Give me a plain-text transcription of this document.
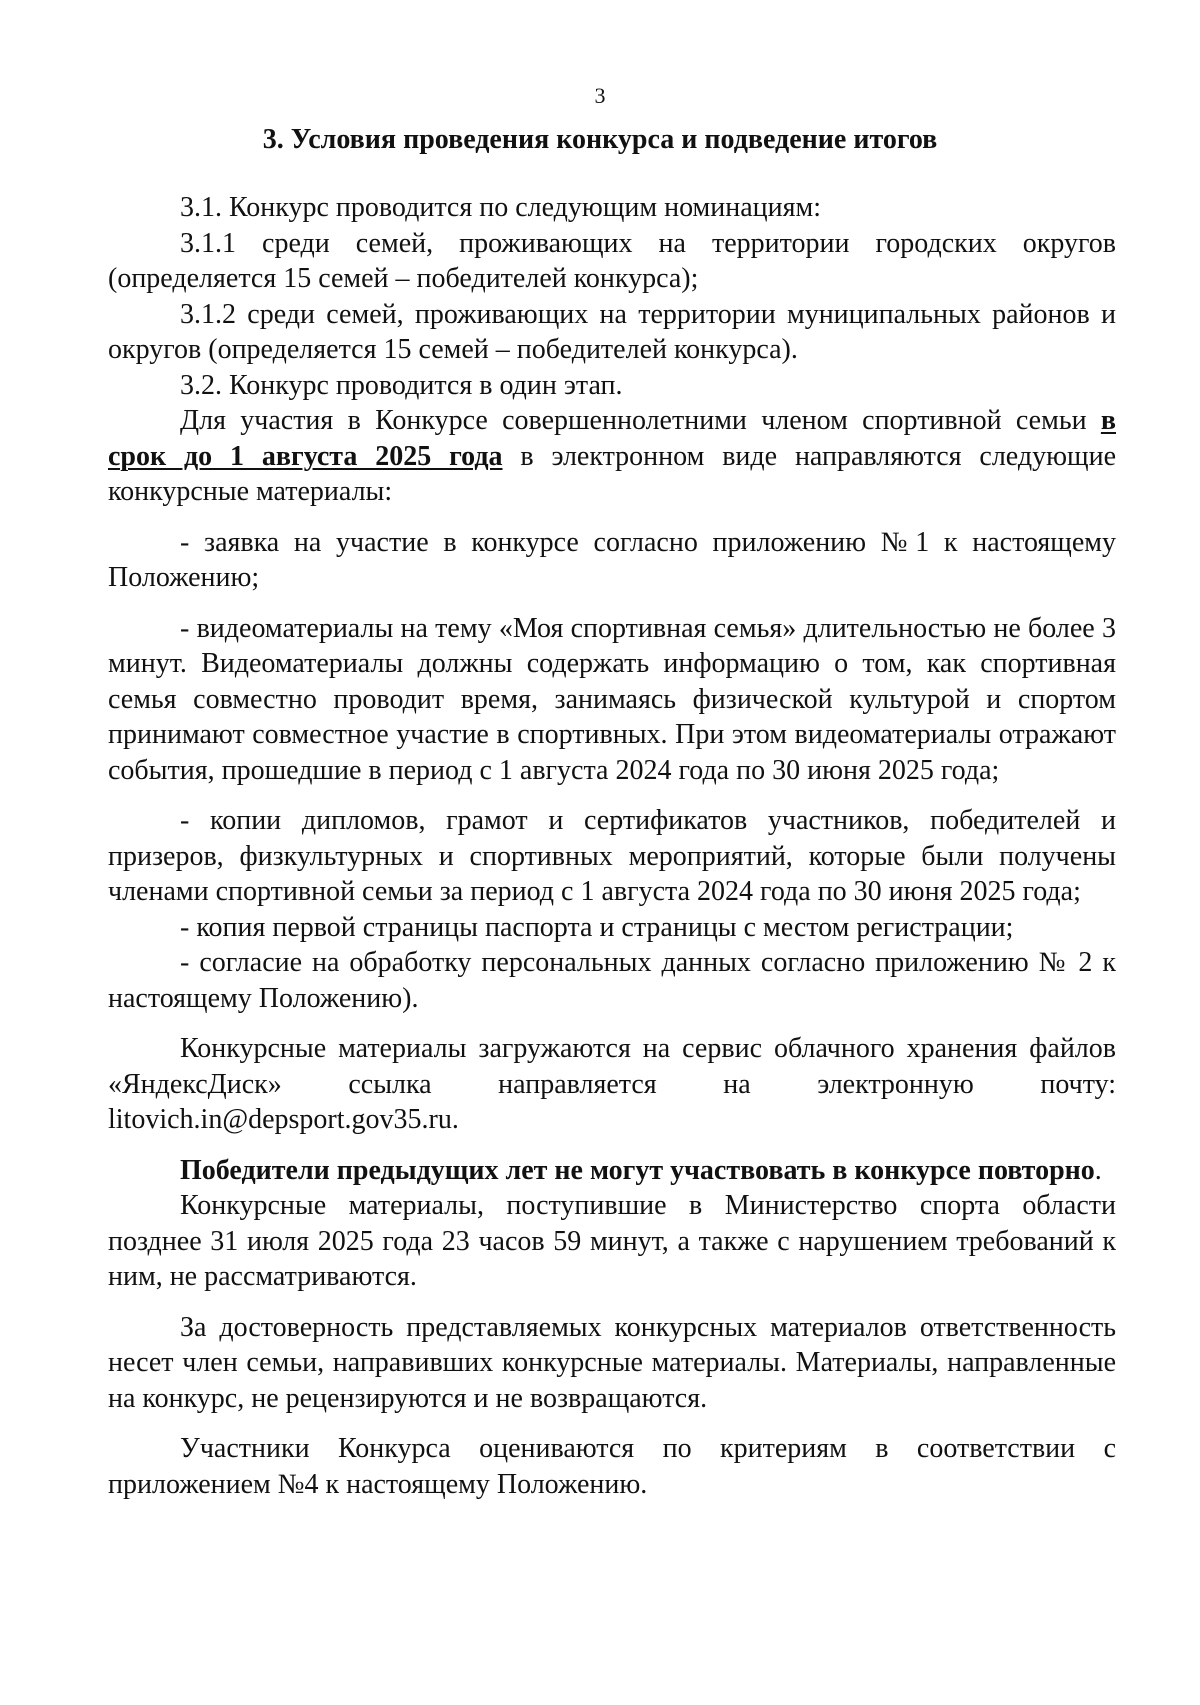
3
3. Условия проведения конкурса и подведение итогов

3.1. Конкурс проводится по следующим номинациям:

3.1.1 среди семей, проживающих на территории городских округов (определяется 15 семей – победителей конкурса);

3.1.2 среди семей, проживающих на территории муниципальных районов и округов (определяется 15 семей – победителей конкурса).

3.2. Конкурс проводится в один этап.

Для участия в Конкурсе совершеннолетними членом спортивной семьи в срок до 1 августа 2025 года в электронном виде направляются следующие конкурсные материалы:

- заявка на участие в конкурсе согласно приложению №1 к настоящему Положению;

- видеоматериалы на тему «Моя спортивная семья» длительностью не более 3 минут. Видеоматериалы должны содержать информацию о том, как спортивная семья совместно проводит время, занимаясь физической культурой и спортом принимают совместное участие в спортивных. При этом видеоматериалы отражают события, прошедшие в период с 1 августа 2024 года по 30 июня 2025 года;

- копии дипломов, грамот и сертификатов участников, победителей и призеров, физкультурных и спортивных мероприятий, которые были получены членами спортивной семьи за период с 1 августа 2024 года по 30 июня 2025 года;

- копия первой страницы паспорта и страницы с местом регистрации;

- согласие на обработку персональных данных согласно приложению № 2 к настоящему Положению).

Конкурсные материалы загружаются на сервис облачного хранения файлов «ЯндексДиск» ссылка направляется на электронную почту: litovich.in@depsport.gov35.ru.

Победители предыдущих лет не могут участвовать в конкурсе повторно.

Конкурсные материалы, поступившие в Министерство спорта области позднее 31 июля 2025 года 23 часов 59 минут, а также с нарушением требований к ним, не рассматриваются.

За достоверность представляемых конкурсных материалов ответственность несет член семьи, направивших конкурсные материалы. Материалы, направленные на конкурс, не рецензируются и не возвращаются.

Участники Конкурса оцениваются по критериям в соответствии с приложением №4 к настоящему Положению.
